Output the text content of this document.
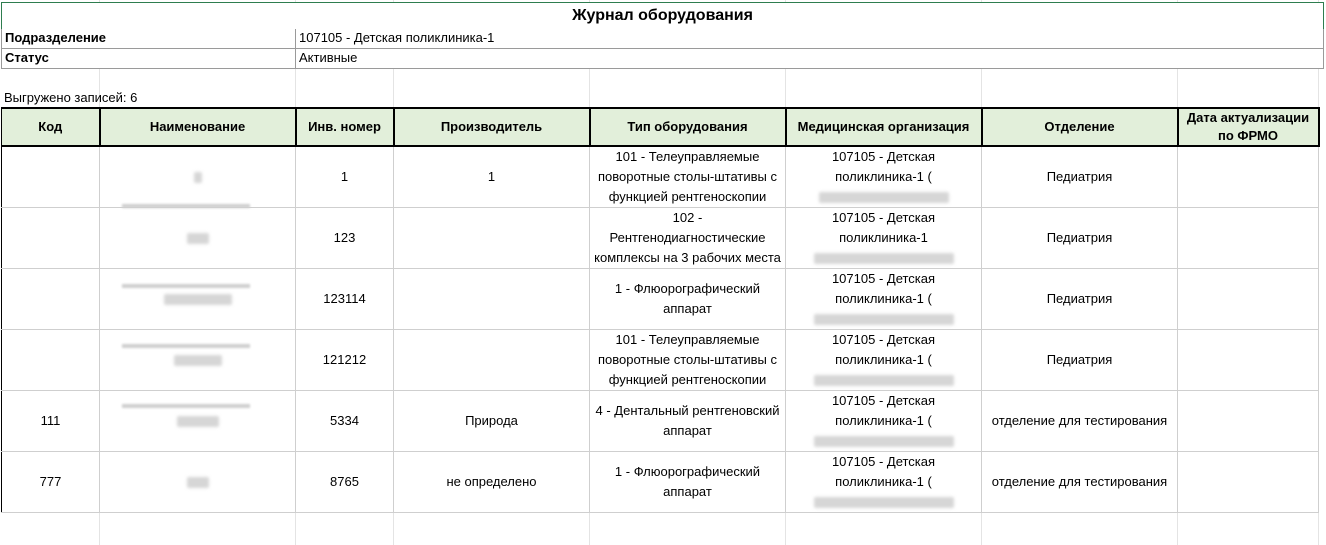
Журнал оборудования
Подразделение	107105 - Детская поликлиника-1
Статус	Активные
Выгружено записей: 6
Код	Наименование	Инв. номер	Производитель	Тип оборудования	Медицинская организация	Отделение	Дата актуализации по ФРМО
		1	1	101 - Телеуправляемые поворотные столы-штативы с функцией рентгеноскопии	107105 - Детская поликлиника-1 (	Педиатрия	
		123		102 - Рентгенодиагностические комплексы на 3 рабочих места	107105 - Детская поликлиника-1	Педиатрия	
		123114		1 - Флюорографический аппарат	107105 - Детская поликлиника-1 (	Педиатрия	
		121212		101 - Телеуправляемые поворотные столы-штативы с функцией рентгеноскопии	107105 - Детская поликлиника-1 (	Педиатрия	
111		5334	Природа	4 - Дентальный рентгеновский аппарат	107105 - Детская поликлиника-1 (	отделение для тестирования	
777		8765	не определено	1 - Флюорографический аппарат	107105 - Детская поликлиника-1 (	отделение для тестирования	
